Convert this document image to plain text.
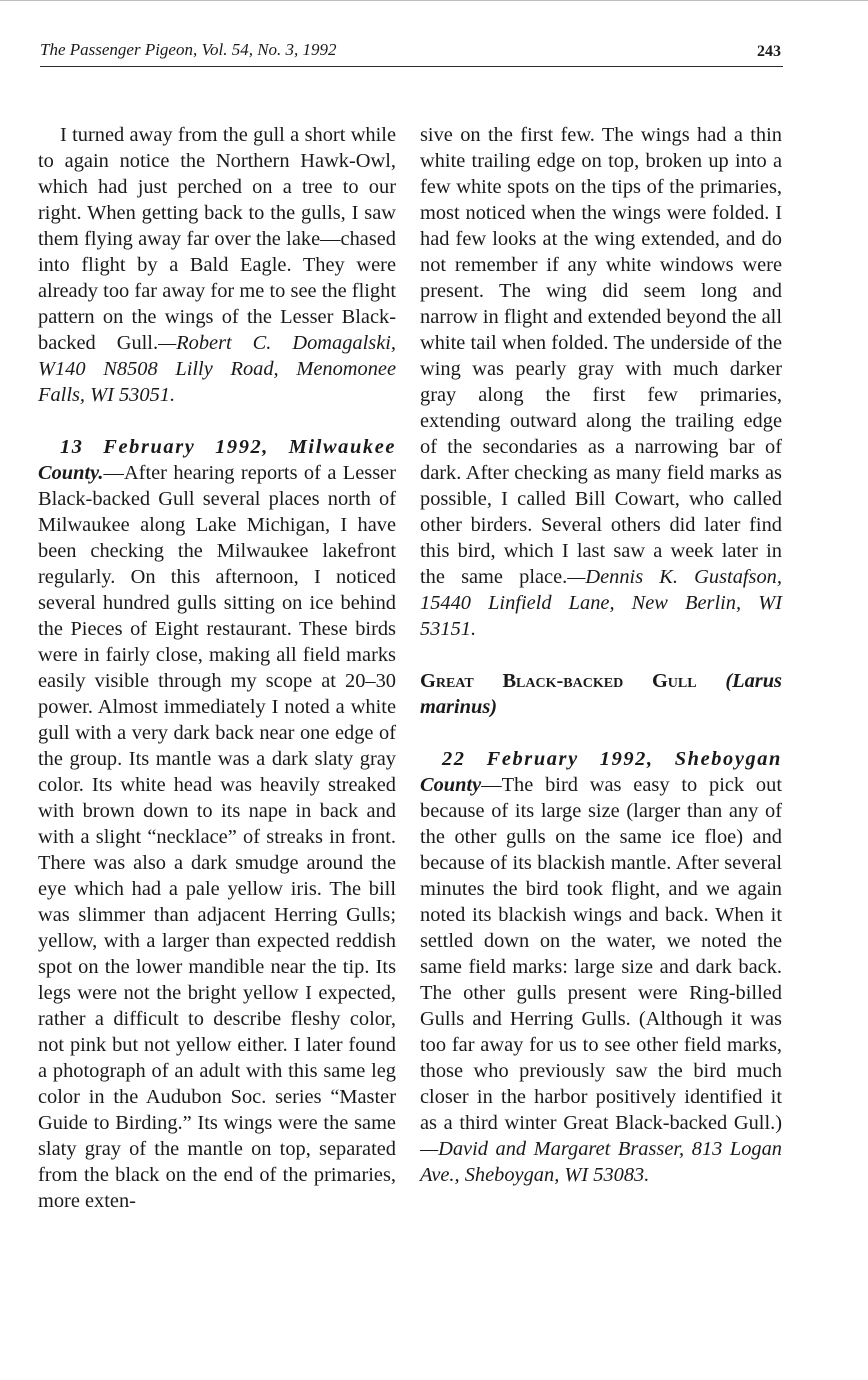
The Passenger Pigeon, Vol. 54, No. 3, 1992	243

I turned away from the gull a short while to again notice the Northern Hawk-Owl, which had just perched on a tree to our right. When getting back to the gulls, I saw them flying away far over the lake—chased into flight by a Bald Eagle. They were already too far away for me to see the flight pattern on the wings of the Lesser Black-backed Gull.—Robert C. Domagalski, W140 N8508 Lilly Road, Menomonee Falls, WI 53051.

13 February 1992, Milwaukee County.—After hearing reports of a Lesser Black-backed Gull several places north of Milwaukee along Lake Michigan, I have been checking the Milwaukee lakefront regularly. On this afternoon, I noticed several hundred gulls sitting on ice behind the Pieces of Eight restaurant. These birds were in fairly close, making all field marks easily visible through my scope at 20–30 power. Almost immediately I noted a white gull with a very dark back near one edge of the group. Its mantle was a dark slaty gray color. Its white head was heavily streaked with brown down to its nape in back and with a slight “necklace” of streaks in front. There was also a dark smudge around the eye which had a pale yellow iris. The bill was slimmer than adjacent Herring Gulls; yellow, with a larger than expected reddish spot on the lower mandible near the tip. Its legs were not the bright yellow I expected, rather a difficult to describe fleshy color, not pink but not yellow either. I later found a photograph of an adult with this same leg color in the Audubon Soc. series “Master Guide to Birding.” Its wings were the same slaty gray of the mantle on top, separated from the black on the end of the primaries, more exten-

sive on the first few. The wings had a thin white trailing edge on top, broken up into a few white spots on the tips of the primaries, most noticed when the wings were folded. I had few looks at the wing extended, and do not remember if any white windows were present. The wing did seem long and narrow in flight and extended beyond the all white tail when folded. The underside of the wing was pearly gray with much darker gray along the first few primaries, extending outward along the trailing edge of the secondaries as a narrowing bar of dark. After checking as many field marks as possible, I called Bill Cowart, who called other birders. Several others did later find this bird, which I last saw a week later in the same place.—Dennis K. Gustafson, 15440 Linfield Lane, New Berlin, WI 53151.

Great Black-backed Gull (Larus marinus)

22 February 1992, Sheboygan County—The bird was easy to pick out because of its large size (larger than any of the other gulls on the same ice floe) and because of its blackish mantle. After several minutes the bird took flight, and we again noted its blackish wings and back. When it settled down on the water, we noted the same field marks: large size and dark back. The other gulls present were Ring-billed Gulls and Herring Gulls. (Although it was too far away for us to see other field marks, those who previously saw the bird much closer in the harbor positively identified it as a third winter Great Black-backed Gull.)—David and Margaret Brasser, 813 Logan Ave., Sheboygan, WI 53083.
